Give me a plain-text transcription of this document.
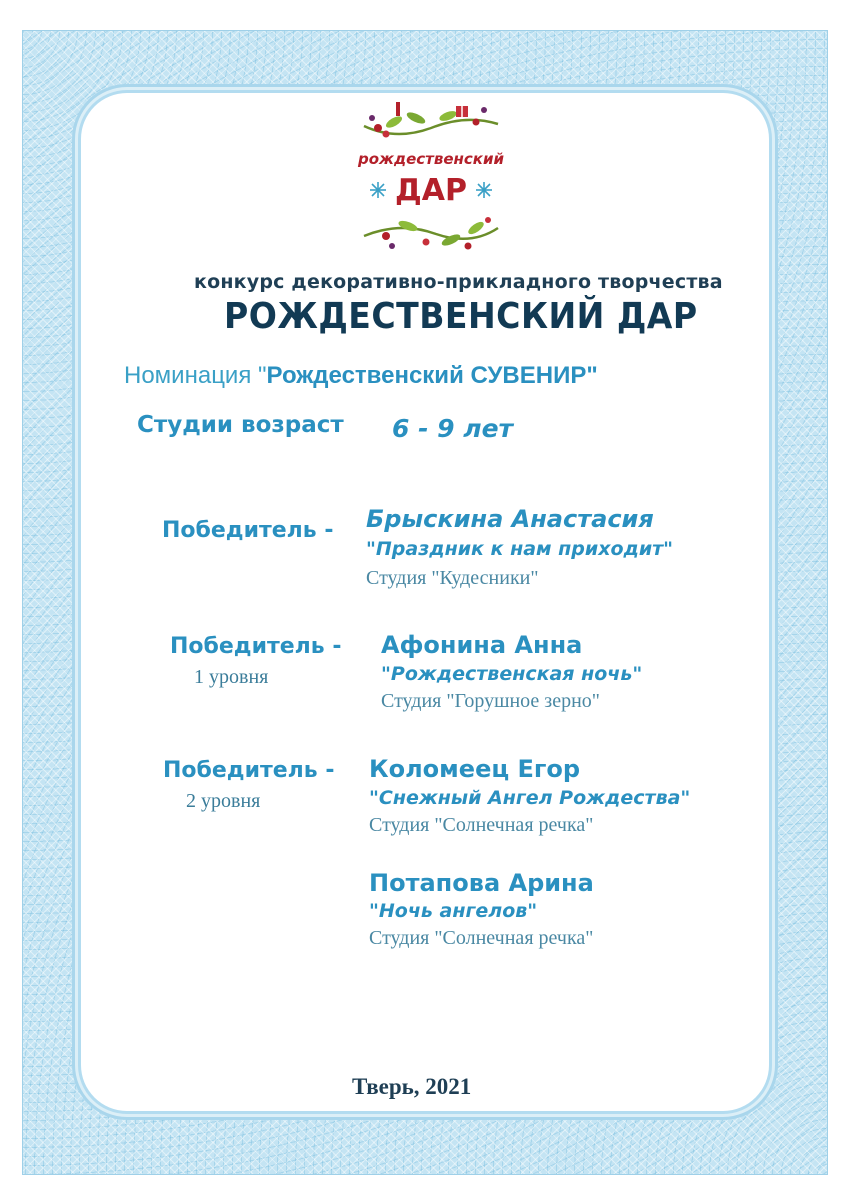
рождественский
ДАР
конкурс декоративно-прикладного творчества
РОЖДЕСТВЕНСКИЙ ДАР
Номинация "Рождественский СУВЕНИР"
Студии возраст 6 - 9 лет
Победитель - Брыскина Анастасия
"Праздник к нам приходит"
Студия "Кудесники"
Победитель -
1 уровня
Афонина Анна
"Рождественская ночь"
Студия "Горушное зерно"
Победитель -
2 уровня
Коломеец Егор
"Снежный Ангел Рождества"
Студия "Солнечная речка"
Потапова Арина
"Ночь ангелов"
Студия "Солнечная речка"
Тверь, 2021
